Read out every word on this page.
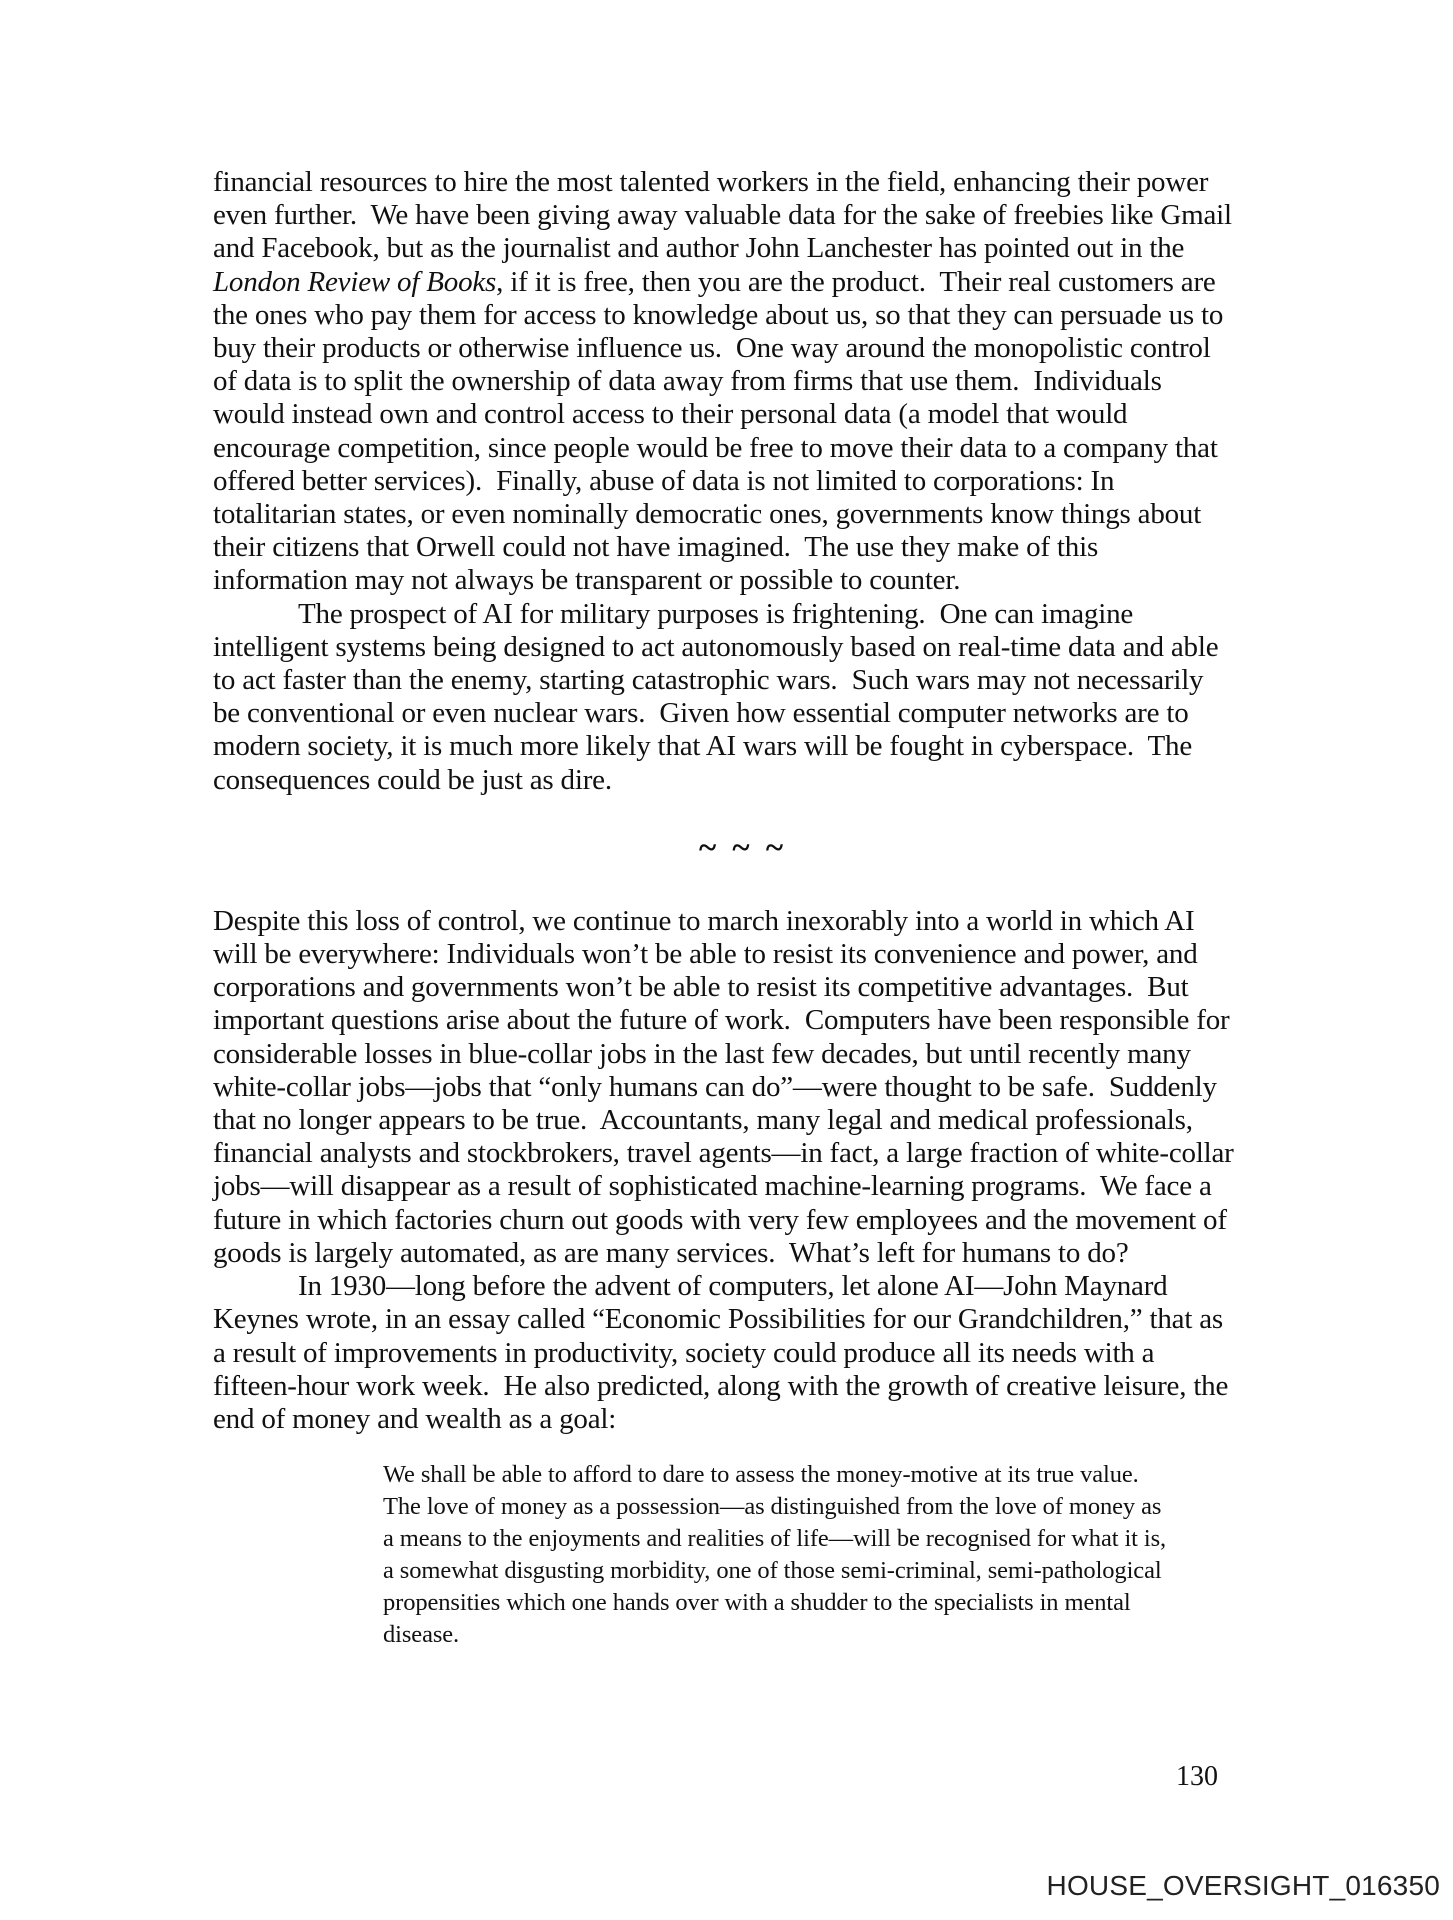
financial resources to hire the most talented workers in the field, enhancing their power
even further.  We have been giving away valuable data for the sake of freebies like Gmail
and Facebook, but as the journalist and author John Lanchester has pointed out in the
London Review of Books, if it is free, then you are the product.  Their real customers are
the ones who pay them for access to knowledge about us, so that they can persuade us to
buy their products or otherwise influence us.  One way around the monopolistic control
of data is to split the ownership of data away from firms that use them.  Individuals
would instead own and control access to their personal data (a model that would
encourage competition, since people would be free to move their data to a company that
offered better services).  Finally, abuse of data is not limited to corporations: In
totalitarian states, or even nominally democratic ones, governments know things about
their citizens that Orwell could not have imagined.  The use they make of this
information may not always be transparent or possible to counter.
The prospect of AI for military purposes is frightening.  One can imagine
intelligent systems being designed to act autonomously based on real-time data and able
to act faster than the enemy, starting catastrophic wars.  Such wars may not necessarily
be conventional or even nuclear wars.  Given how essential computer networks are to
modern society, it is much more likely that AI wars will be fought in cyberspace.  The
consequences could be just as dire.
~ ~ ~
Despite this loss of control, we continue to march inexorably into a world in which AI
will be everywhere: Individuals won’t be able to resist its convenience and power, and
corporations and governments won’t be able to resist its competitive advantages.  But
important questions arise about the future of work.  Computers have been responsible for
considerable losses in blue-collar jobs in the last few decades, but until recently many
white-collar jobs—jobs that “only humans can do”—were thought to be safe.  Suddenly
that no longer appears to be true.  Accountants, many legal and medical professionals,
financial analysts and stockbrokers, travel agents—in fact, a large fraction of white-collar
jobs—will disappear as a result of sophisticated machine-learning programs.  We face a
future in which factories churn out goods with very few employees and the movement of
goods is largely automated, as are many services.  What’s left for humans to do?
In 1930—long before the advent of computers, let alone AI—John Maynard
Keynes wrote, in an essay called “Economic Possibilities for our Grandchildren,” that as
a result of improvements in productivity, society could produce all its needs with a
fifteen-hour work week.  He also predicted, along with the growth of creative leisure, the
end of money and wealth as a goal:
We shall be able to afford to dare to assess the money-motive at its true value.
The love of money as a possession—as distinguished from the love of money as
a means to the enjoyments and realities of life—will be recognised for what it is,
a somewhat disgusting morbidity, one of those semi-criminal, semi-pathological
propensities which one hands over with a shudder to the specialists in mental
disease.
130
HOUSE_OVERSIGHT_016350
